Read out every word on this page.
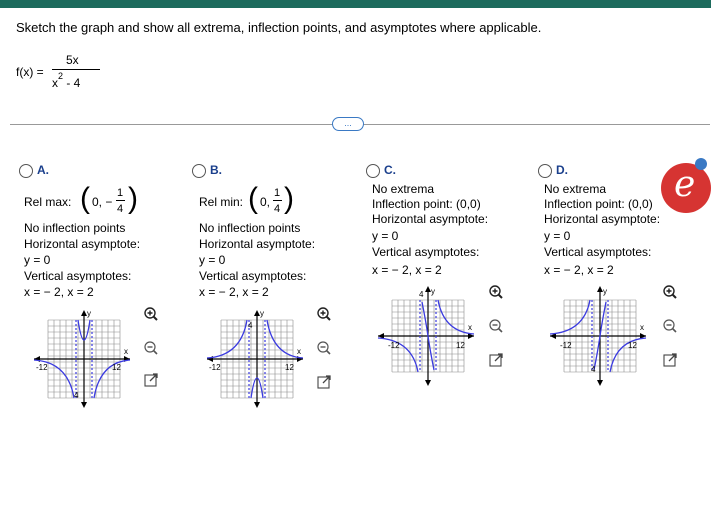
Sketch the graph and show all extrema, inflection points, and asymptotes where applicable.
f(x) =
5x
$x^2 - 4$
...
A.
Rel max: ( 0, −
1
4 )
No inflection points
Horizontal asymptote:
y = 0
Vertical asymptotes:
x = − 2, x = 2
B.
Rel min: ( 0,
1
4 )
No inflection points
Horizontal asymptote:
y = 0
Vertical asymptotes:
x = − 2, x = 2
C.
No extrema
Inflection point: (0,0)
Horizontal asymptote:
y = 0
Vertical asymptotes:
x = − 2, x = 2
D.
No extrema
Inflection point: (0,0)
Horizontal asymptote:
y = 0
Vertical asymptotes:
x = − 2, x = 2
y
x
-12	12
4
y
x
-12	12
4
y
x
-12	12
4	y
x
-12	12
4
e
